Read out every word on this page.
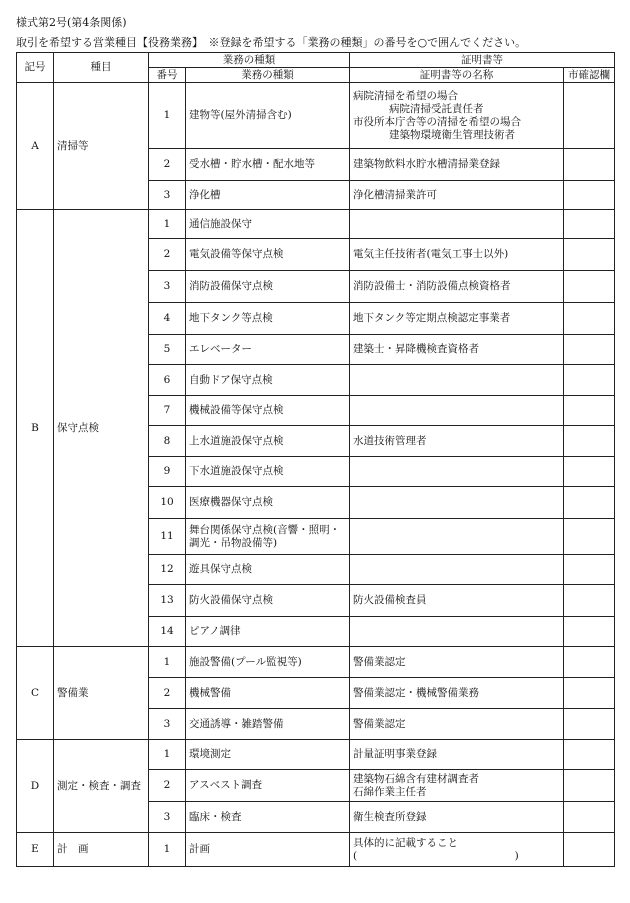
様式第2号(第4条関係)
取引を希望する営業種目【役務業務】　※登録を希望する「業務の種類」の番号を○で囲んでください。
記号	種目	業務の種類		証明書等	
		番号	業務の種類	証明書等の名称	市確認欄
A	清掃等	1	建物等(屋外清掃含む)	病院清掃を希望の場合
病院清掃受託責任者
市役所本庁舎等の清掃を希望の場合
建築物環境衛生管理技術者	

		2	受水槽・貯水槽・配水地等	建築物飲料水貯水槽清掃業登録	

		3	浄化槽	浄化槽清掃業許可	

B	保守点検	1	通信施設保守		
		2	電気設備等保守点検	電気主任技術者(電気工事士以外)	

		3	消防設備保守点検	消防設備士・消防設備点検資格者	

		4	地下タンク等点検	地下タンク等定期点検認定事業者	

		5	エレベーター	建築士・昇降機検査資格者	

		6	自動ドア保守点検		
		7	機械設備等保守点検		
		8	上水道施設保守点検	水道技術管理者	

		9	下水道施設保守点検		
		10	医療機器保守点検		
		11	舞台関係保守点検(音響・照明・調光・吊物設備等)		
		12	遊具保守点検		
		13	防火設備保守点検	防火設備検査員	

		14	ピアノ調律		
C	警備業	1	施設警備(プール監視等)	警備業認定	

		2	機械警備	警備業認定・機械警備業務	

		3	交通誘導・雑踏警備	警備業認定	

D	測定・検査・調査	1	環境測定	計量証明事業登録	

		2	アスベスト調査	建築物石綿含有建材調査者
石綿作業主任者	

		3	臨床・検査	衛生検査所登録	

E	計　画	1	計画	具体的に記載すること
(　　　　　　　　　　　　　　　)	
